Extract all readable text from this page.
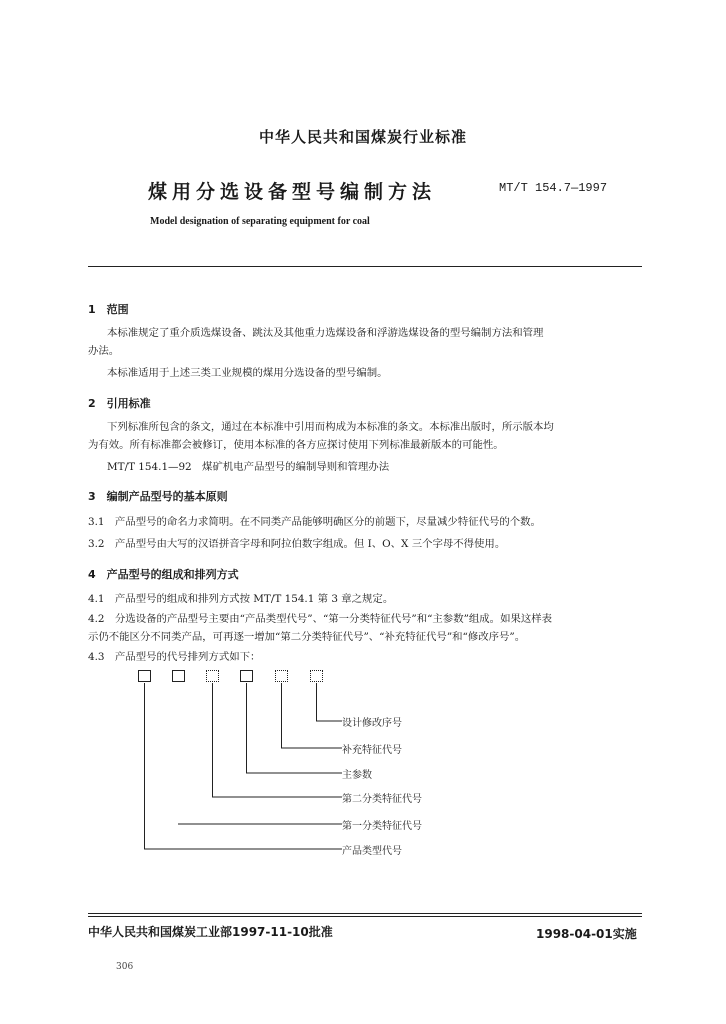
中华人民共和国煤炭行业标准
煤用分选设备型号编制方法	MT/T 154.7—1997
Model designation of separating equipment for coal
1　范围
本标准规定了重介质选煤设备、跳汰及其他重力选煤设备和浮游选煤设备的型号编制方法和管理
办法。
本标准适用于上述三类工业规模的煤用分选设备的型号编制。
2　引用标准
下列标准所包含的条文，通过在本标准中引用而构成为本标准的条文。本标准出版时，所示版本均
为有效。所有标准都会被修订，使用本标准的各方应探讨使用下列标准最新版本的可能性。
MT/T 154.1—92　煤矿机电产品型号的编制导则和管理办法
3　编制产品型号的基本原则
3.1　产品型号的命名力求简明。在不同类产品能够明确区分的前题下，尽量减少特征代号的个数。
3.2　产品型号由大写的汉语拼音字母和阿拉伯数字组成。但 I、O、X 三个字母不得使用。
4　产品型号的组成和排列方式
4.1　产品型号的组成和排列方式按 MT/T 154.1 第 3 章之规定。
4.2　分选设备的产品型号主要由“产品类型代号”、“第一分类特征代号”和“主参数”组成。如果这样表
示仍不能区分不同类产品，可再逐一增加“第二分类特征代号”、“补充特征代号”和“修改序号”。
4.3　产品型号的代号排列方式如下：
设计修改序号
补充特征代号
主参数
第二分类特征代号
第一分类特征代号
产品类型代号
中华人民共和国煤炭工业部1997-11-10批准	1998-04-01实施
306
